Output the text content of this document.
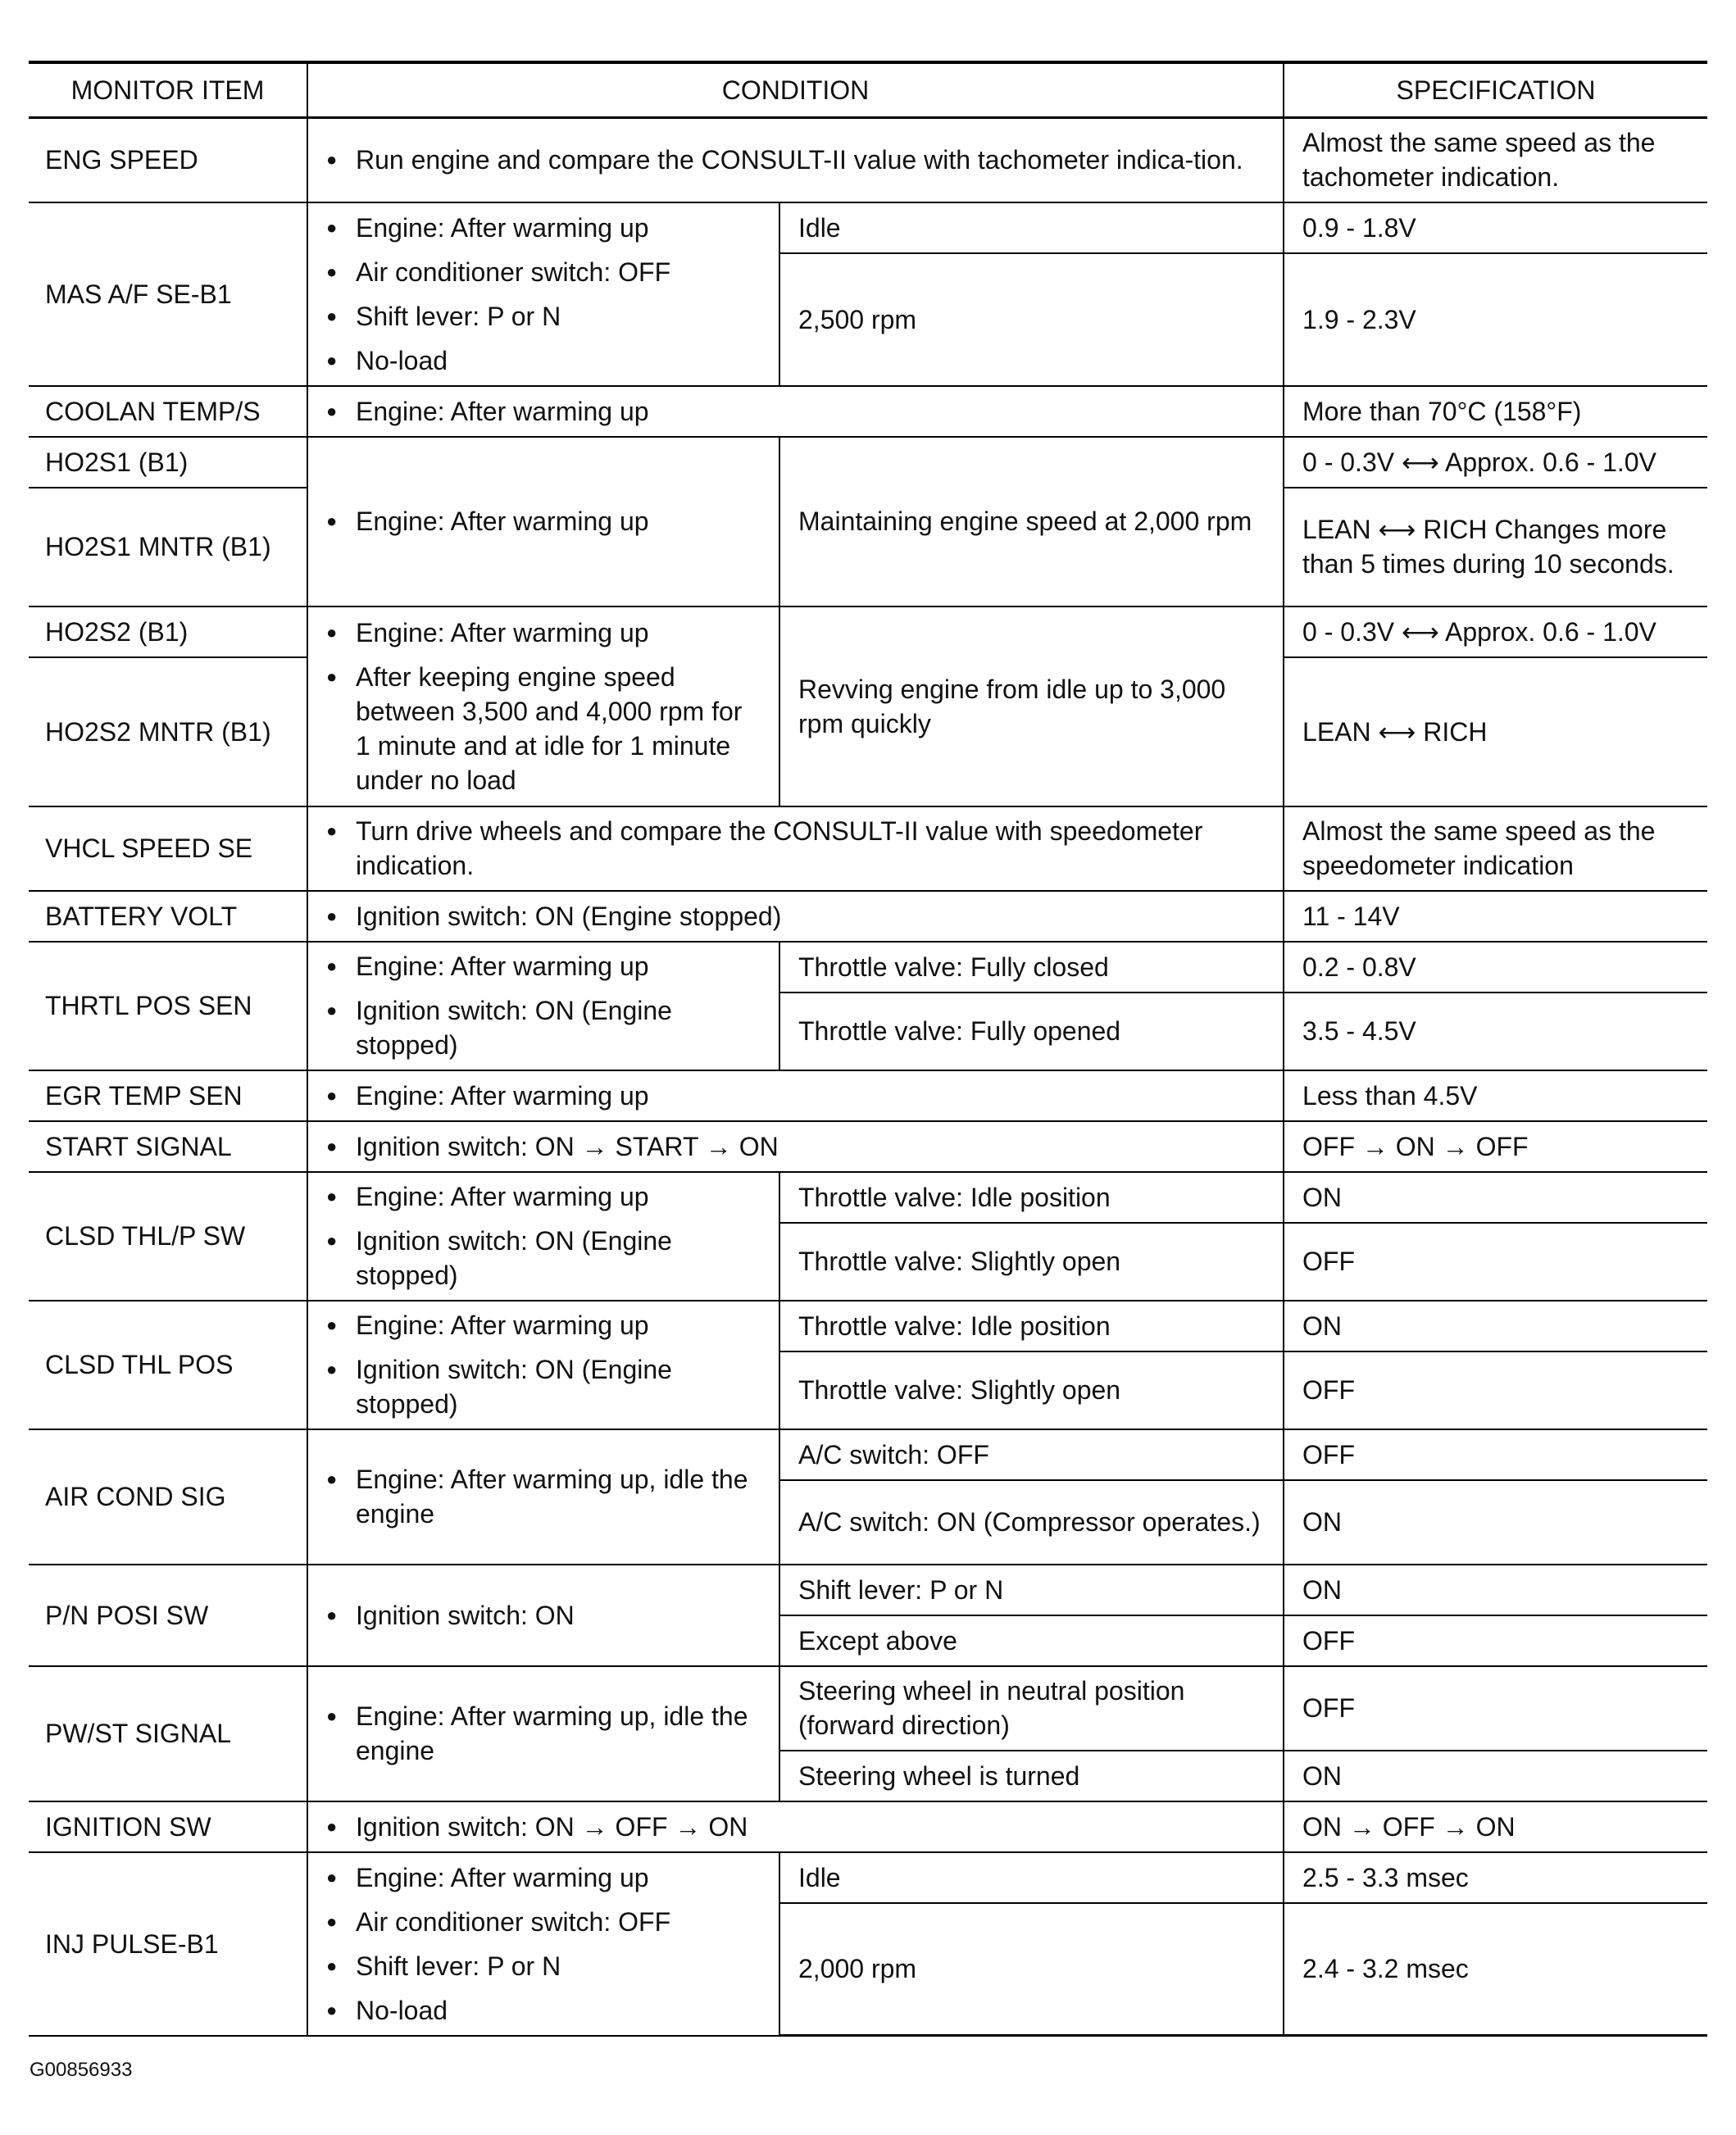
MONITOR ITEM	CONDITION		SPECIFICATION
ENG SPEED	● Run engine and compare the CONSULT-II value with tachometer indica-tion.		Almost the same speed as the tachometer indication.
MAS A/F SE-B1	● Engine: After warming up
● Air conditioner switch: OFF
● Shift lever: P or N
● No-load	Idle	0.9 - 1.8V
		2,500 rpm	1.9 - 2.3V
COOLAN TEMP/S	● Engine: After warming up		More than 70°C (158°F)
HO2S1 (B1)	● Engine: After warming up	Maintaining engine speed at 2,000 rpm	0 - 0.3V ⟷ Approx. 0.6 - 1.0V
HO2S1 MNTR (B1)			LEAN ⟷ RICH Changes more than 5 times during 10 seconds.
HO2S2 (B1)	● Engine: After warming up
● After keeping engine speed between 3,500 and 4,000 rpm for 1 minute and at idle for 1 minute under no load	Revving engine from idle up to 3,000 rpm quickly	0 - 0.3V ⟷ Approx. 0.6 - 1.0V
HO2S2 MNTR (B1)			LEAN ⟷ RICH
VHCL SPEED SE	● Turn drive wheels and compare the CONSULT-II value with speedometer indication.		Almost the same speed as the speedometer indication
BATTERY VOLT	● Ignition switch: ON (Engine stopped)		11 - 14V
THRTL POS SEN	● Engine: After warming up
● Ignition switch: ON (Engine stopped)	Throttle valve: Fully closed	0.2 - 0.8V
		Throttle valve: Fully opened	3.5 - 4.5V
EGR TEMP SEN	● Engine: After warming up		Less than 4.5V
START SIGNAL	● Ignition switch: ON → START → ON		OFF → ON → OFF
CLSD THL/P SW	● Engine: After warming up
● Ignition switch: ON (Engine stopped)	Throttle valve: Idle position	ON
		Throttle valve: Slightly open	OFF
CLSD THL POS	● Engine: After warming up
● Ignition switch: ON (Engine stopped)	Throttle valve: Idle position	ON
		Throttle valve: Slightly open	OFF
AIR COND SIG	● Engine: After warming up, idle the engine	A/C switch: OFF	OFF
		A/C switch: ON (Compressor operates.)	ON
P/N POSI SW	● Ignition switch: ON	Shift lever: P or N	ON
		Except above	OFF
PW/ST SIGNAL	● Engine: After warming up, idle the engine	Steering wheel in neutral position (forward direction)	OFF
		Steering wheel is turned	ON
IGNITION SW	● Ignition switch: ON → OFF → ON		ON → OFF → ON
INJ PULSE-B1	● Engine: After warming up
● Air conditioner switch: OFF
● Shift lever: P or N
● No-load	Idle	2.5 - 3.3 msec
		2,000 rpm	2.4 - 3.2 msec
G00856933
